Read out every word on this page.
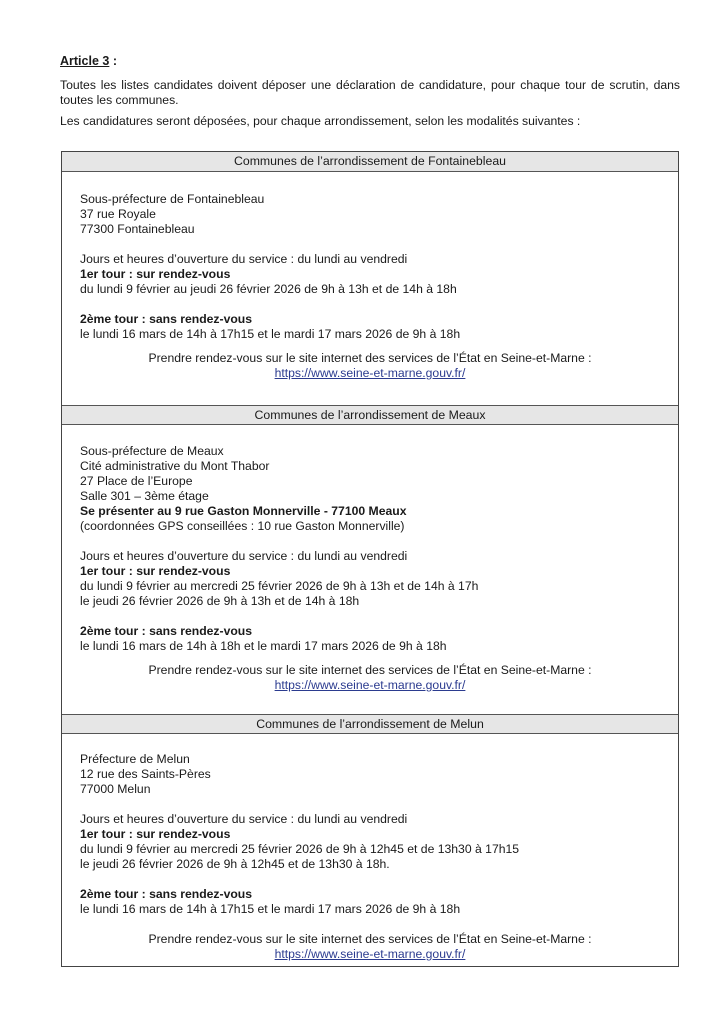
Article 3 :

Toutes les listes candidates doivent déposer une déclaration de candidature, pour chaque tour de scrutin, dans toutes les communes.

Les candidatures seront déposées, pour chaque arrondissement, selon les modalités suivantes :

Communes de l’arrondissement de Fontainebleau
Sous-préfecture de Fontainebleau
37 rue Royale
77300 Fontainebleau
Jours et heures d’ouverture du service : du lundi au vendredi
1er tour : sur rendez-vous
du lundi 9 février au jeudi 26 février 2026 de 9h à 13h et de 14h à 18h
2ème tour : sans rendez-vous
le lundi 16 mars de 14h à 17h15 et le mardi 17 mars 2026 de 9h à 18h
Prendre rendez-vous sur le site internet des services de l’État en Seine-et-Marne :
https://www.seine-et-marne.gouv.fr/
Communes de l’arrondissement de Meaux
Sous-préfecture de Meaux
Cité administrative du Mont Thabor
27 Place de l’Europe
Salle 301 – 3ème étage
Se présenter au 9 rue Gaston Monnerville - 77100 Meaux
(coordonnées GPS conseillées : 10 rue Gaston Monnerville)
Jours et heures d’ouverture du service : du lundi au vendredi
1er tour : sur rendez-vous
du lundi 9 février au mercredi 25 février 2026 de 9h à 13h et de 14h à 17h
le jeudi 26 février 2026 de 9h à 13h et de 14h à 18h
2ème tour : sans rendez-vous
le lundi 16 mars de 14h à 18h et le mardi 17 mars 2026 de 9h à 18h
Prendre rendez-vous sur le site internet des services de l’État en Seine-et-Marne :
https://www.seine-et-marne.gouv.fr/
Communes de l’arrondissement de Melun
Préfecture de Melun
12 rue des Saints-Pères
77000 Melun
Jours et heures d’ouverture du service : du lundi au vendredi
1er tour : sur rendez-vous
du lundi 9 février au mercredi 25 février 2026 de 9h à 12h45 et de 13h30 à 17h15
le jeudi 26 février 2026 de 9h à 12h45 et de 13h30 à 18h.
2ème tour : sans rendez-vous
le lundi 16 mars de 14h à 17h15 et le mardi 17 mars 2026 de 9h à 18h
Prendre rendez-vous sur le site internet des services de l’État en Seine-et-Marne :
https://www.seine-et-marne.gouv.fr/
